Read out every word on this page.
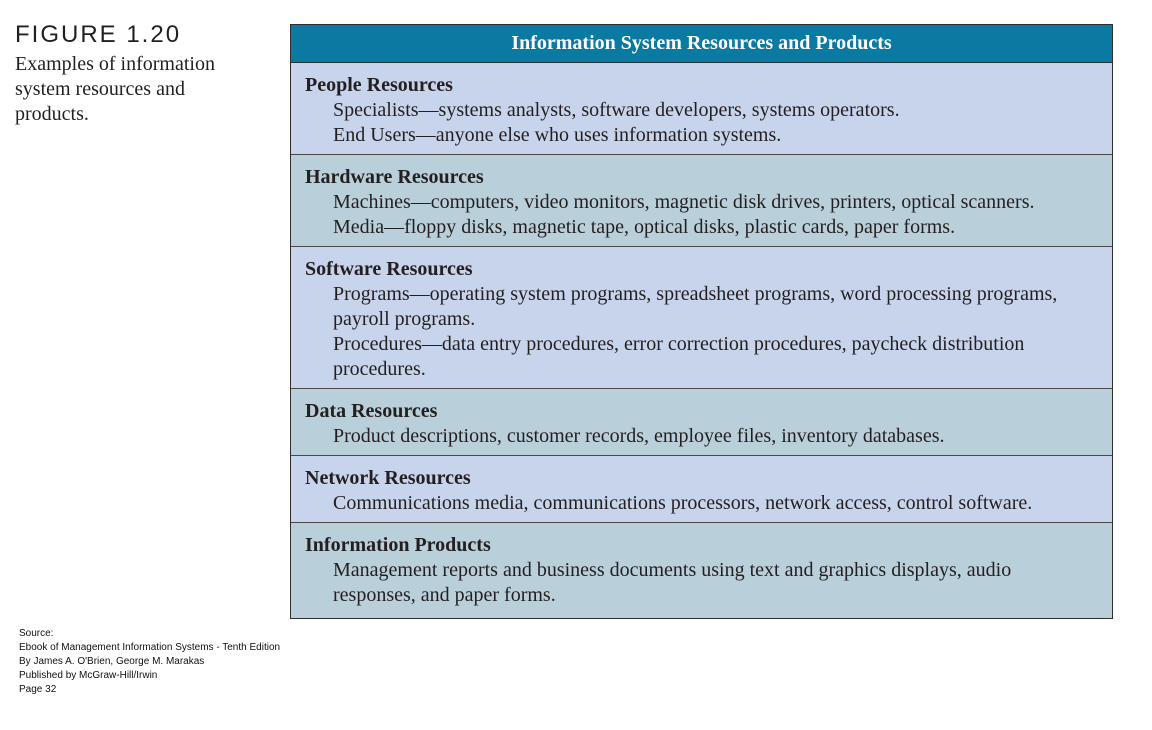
FIGURE 1.20
Examples of information system resources and products.
Information System Resources and Products
People Resources
Specialists—systems analysts, software developers, systems operators.
End Users—anyone else who uses information systems.
Hardware Resources
Machines—computers, video monitors, magnetic disk drives, printers, optical scanners.
Media—floppy disks, magnetic tape, optical disks, plastic cards, paper forms.
Software Resources
Programs—operating system programs, spreadsheet programs, word processing programs, payroll programs.
Procedures—data entry procedures, error correction procedures, paycheck distribution procedures.
Data Resources
Product descriptions, customer records, employee files, inventory databases.
Network Resources
Communications media, communications processors, network access, control software.
Information Products
Management reports and business documents using text and graphics displays, audio responses, and paper forms.
Source:
Ebook of Management Information Systems - Tenth Edition
By James A. O'Brien, George M. Marakas
Published by McGraw-Hill/Irwin
Page 32
